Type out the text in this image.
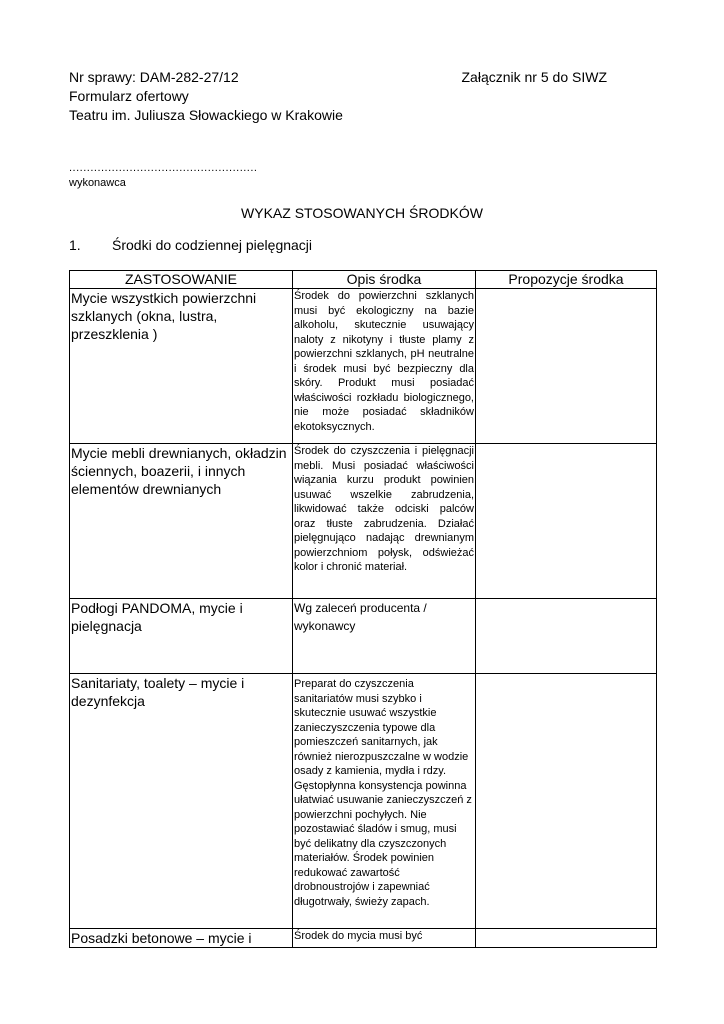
Nr sprawy: DAM-282-27/12	Załącznik nr 5 do SIWZ
Formularz ofertowy
Teatru im. Juliusza Słowackiego w Krakowie
.....................................................
wykonawca
WYKAZ STOSOWANYCH ŚRODKÓW
1. Środki do codziennej pielęgnacji
ZASTOSOWANIE	Opis środka	Propozycje środka
Mycie wszystkich powierzchni szklanych (okna, lustra, przeszklenia )	Środek do powierzchni szklanych musi być ekologiczny na bazie alkoholu, skutecznie usuwający naloty z nikotyny i tłuste plamy z powierzchni szklanych, pH neutralne i środek musi być bezpieczny dla skóry. Produkt musi posiadać właściwości rozkładu biologicznego, nie może posiadać składników ekotoksycznych.	
Mycie mebli drewnianych, okładzin ściennych, boazerii, i innych elementów drewnianych	Środek do czyszczenia i pielęgnacji mebli. Musi posiadać właściwości wiązania kurzu produkt powinien usuwać wszelkie zabrudzenia, likwidować także odciski palców oraz tłuste zabrudzenia. Działać pielęgnująco nadając drewnianym powierzchniom połysk, odświeżać kolor i chronić materiał.	
Podłogi PANDOMA, mycie i pielęgnacja	Wg zaleceń producenta / wykonawcy	
Sanitariaty, toalety – mycie i dezynfekcja	Preparat do czyszczenia sanitariatów musi szybko i skutecznie usuwać wszystkie zanieczyszczenia typowe dla pomieszczeń sanitarnych, jak również nierozpuszczalne w wodzie osady z kamienia, mydła i rdzy. Gęstopłynna konsystencja powinna ułatwiać usuwanie zanieczyszczeń z powierzchni pochyłych. Nie pozostawiać śladów i smug, musi być delikatny dla czyszczonych materiałów. Środek powinien redukować zawartość drobnoustrojów i zapewniać długotrwały, świeży zapach.	
Posadzki betonowe – mycie i	Środek do mycia musi być	
